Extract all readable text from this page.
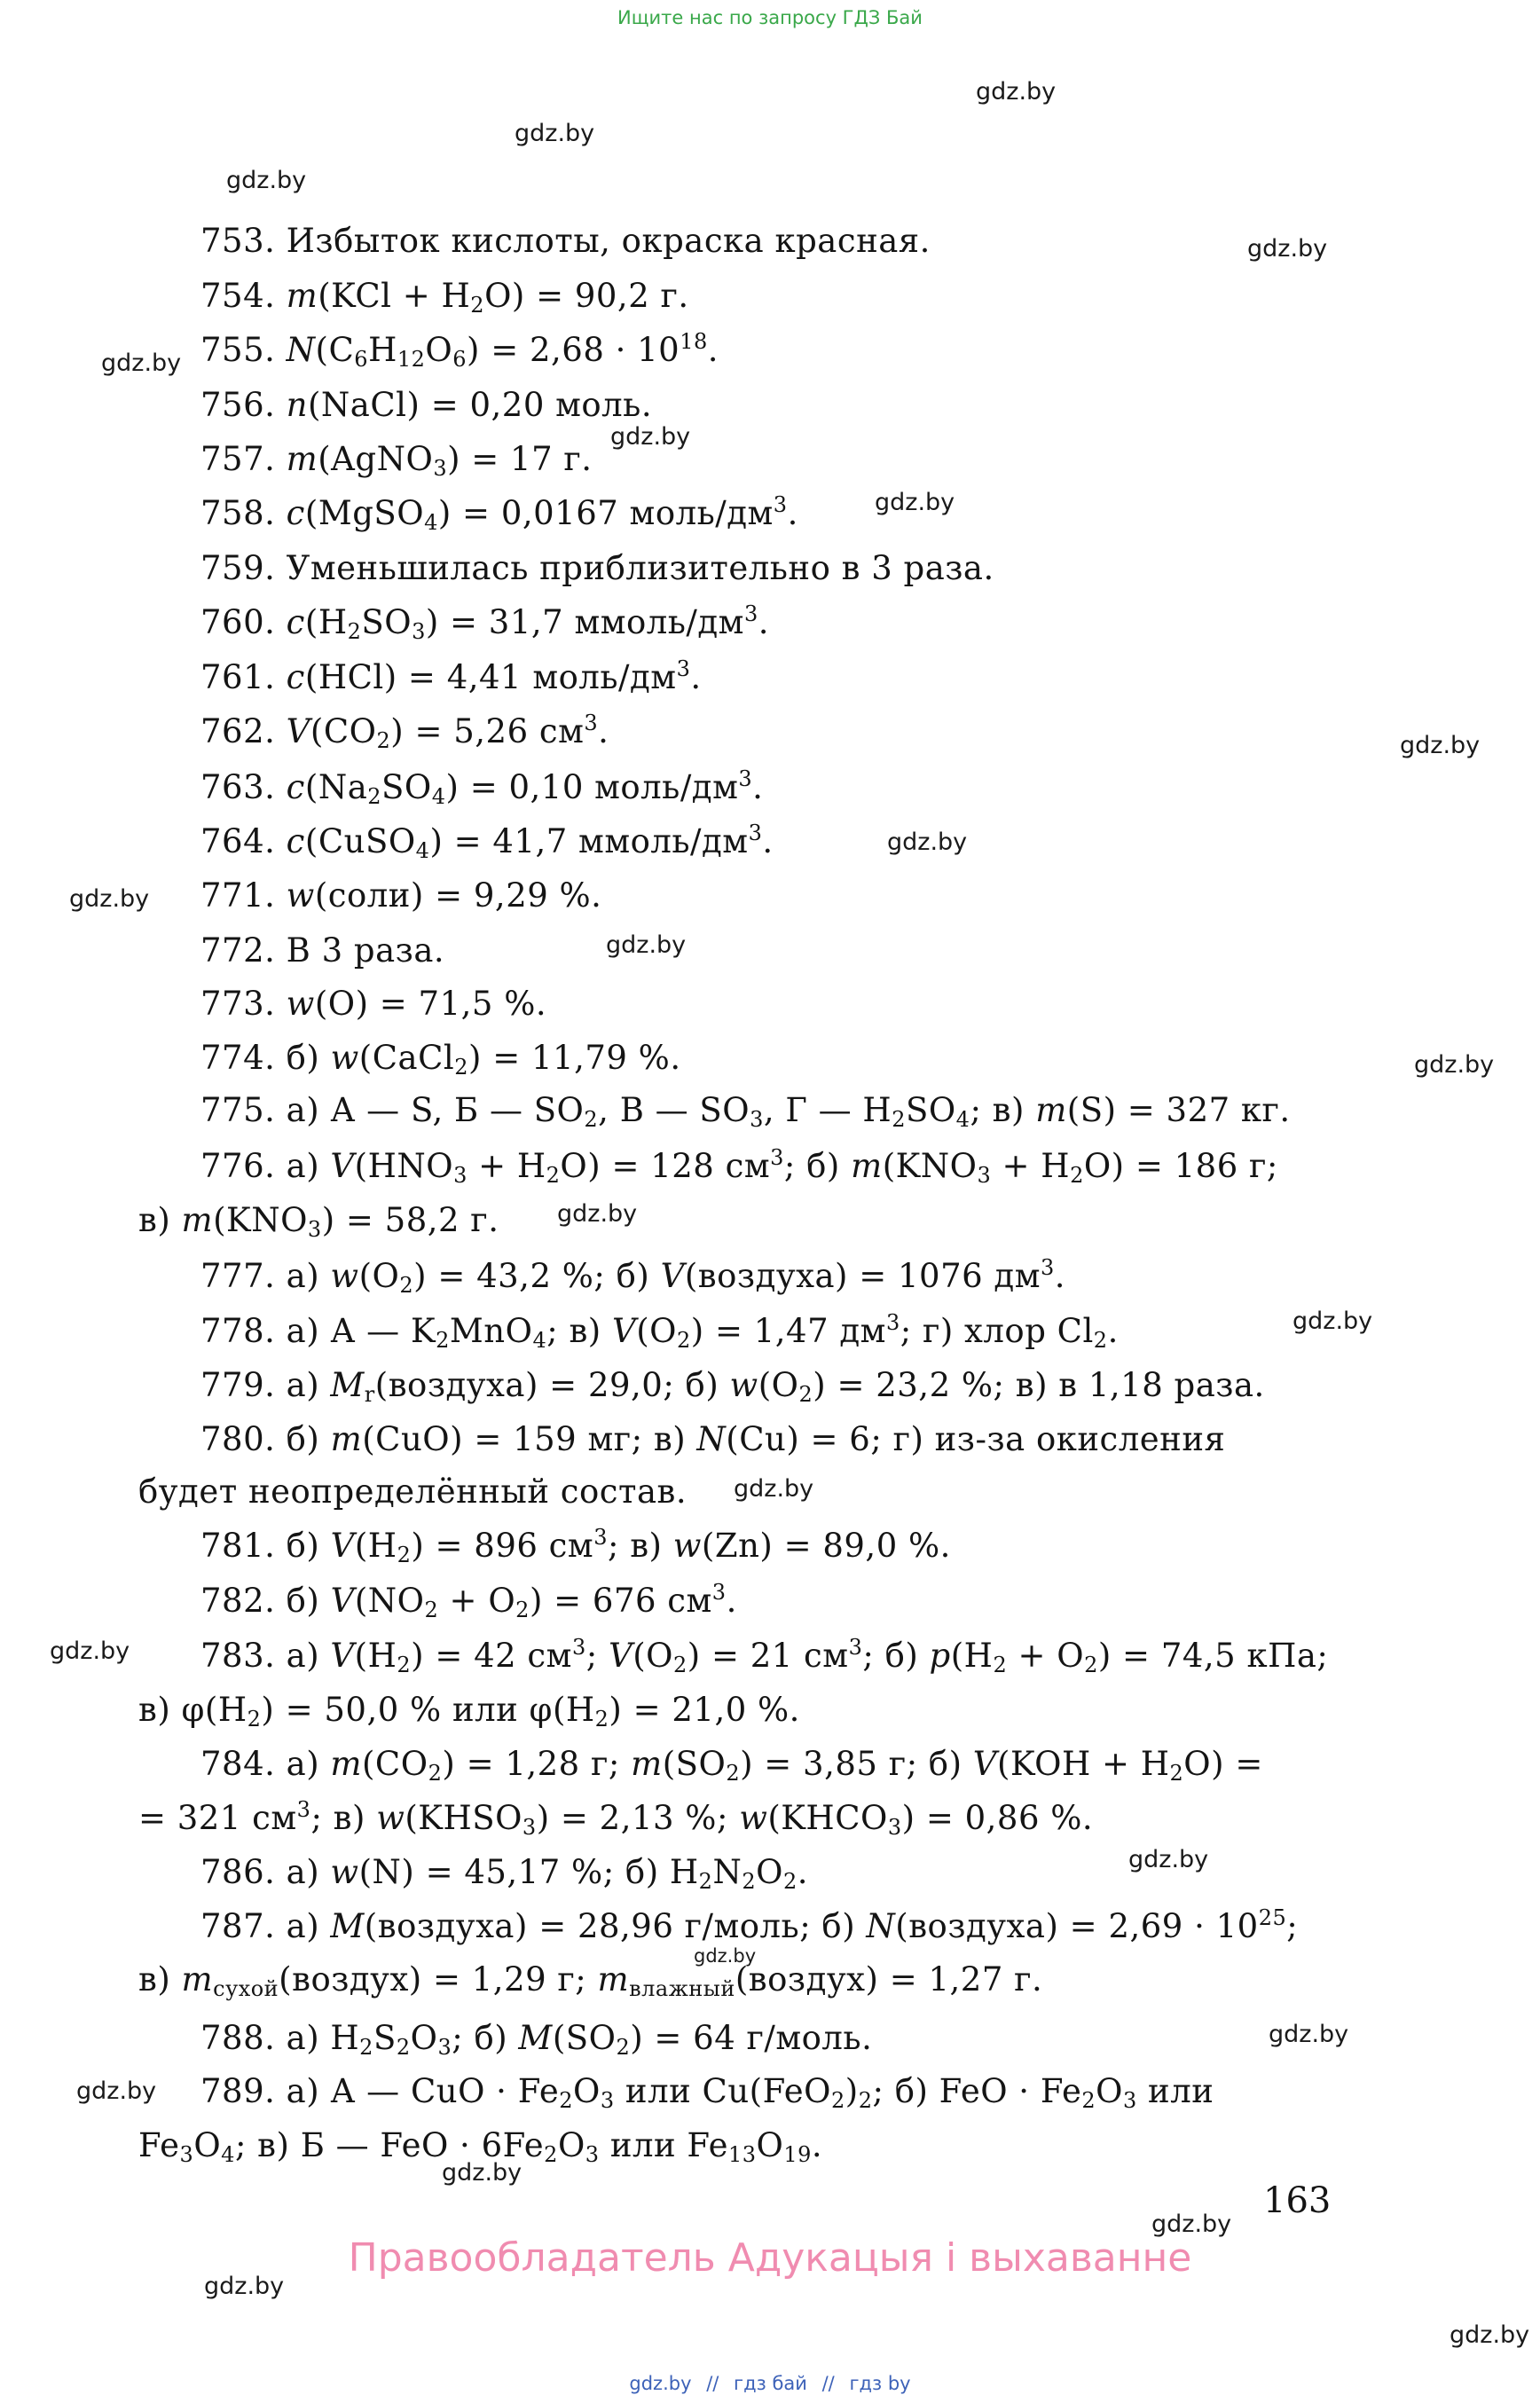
Ищите нас по запросу ГДЗ Бай
gdz.by
gdz.by
gdz.by
gdz.by
gdz.by
gdz.by
gdz.by
gdz.by
gdz.by
gdz.by
gdz.by
gdz.by
gdz.by
gdz.by
gdz.by
gdz.by
gdz.by
gdz.by
gdz.by
gdz.by
gdz.by
gdz.by
gdz.by
gdz.by
753. Избыток кислоты, окраска красная.
754. $m(KCl + H_2O) = 90,2$ г.
755. $N(C_6H_{12}O_6) = 2,68 \cdot 10^{18}$.
756. n(NaCl) = 0,20 моль.
757. m(AgNO$_3$) = 17 г.
758. c(MgSO$_4$) = 0,0167 моль/$дм^3$.
759. Уменьшилась приблизительно в 3 раза.
760. $c(H_2SO_3) = 31,7$ ммоль/$дм^3$.
761. c(HCl) = 4,41 моль/$дм^3$.
762. $V(CO_2) = 5,26$ $см^3$.
763. $c(Na_2SO_4) = 0,10$ моль/$дм^3$.
764. c(CuSO$_4$) = 41,7 ммоль/$дм^3$.
771. w(соли) = 9,29 %.
772. В 3 раза.
773. w(O) = 71,5 %.
774. б) w(CaCl$_2$) = 11,79 %.
775. а) А — S, Б — $SO_2$, В — $SO_3$, Г — $H_2SO_4$; в) m(S) = 327 кг.
776. а) $V(HNO_3 + H_2O) = 128$ $см^3$; б) $m(KNO_3 + H_2O) = 186$ г;
в) $m(KNO_3) = 58,2$ г.
777. а) $w(O_2) = 43,2$ %; б) V(воздуха) = 1076 $дм^3$.
778. а) А — $K_2MnO_4$; в) $V(O_2) = 1,47$ $дм^3$; г) хлор $Cl_2$.
779. а) $M_r(воздуха) = 29,0$; б) $w(O_2) = 23,2$ %; в) в 1,18 раза.
780. б) m(CuO) = 159 мг; в) N(Cu) = 6; г) из-за окисления
будет неопределённый состав.
781. б) $V(H_2) = 896$ $см^3$; в) w(Zn) = 89,0 %.
782. б) $V(NO_2 + O_2) = 676$ $см^3$.
783. а) $V(H_2) = 42$ $см^3$; $V(O_2) = 21$ $см^3$; б) $p(H_2 + O_2) = 74,5$ кПа;
в) $\varphi(H_2) = 50,0$ % или $\varphi(H_2) = 21,0$ %.
784. а) $m(CO_2) = 1,28$ г; $m(SO_2) = 3,85$ г; б) $V(KOH + H_2O)$ =
= 321 $см^3$; в) $w(KHSO_3) = 2,13$ %; $w(KHCO_3) = 0,86$ %.
786. а) w(N) = 45,17 %; б) $H_2N_2O_2$.
787. а) M(воздуха) = 28,96 г/моль; б) N(воздуха) = $2,69 \cdot 10^{25}$;
в) $m_{сухой}(воздух) = 1,29$ г; $m_{влажный}(воздух) = 1,27$ г.
788. а) $H_2S_2O_3$; б) $M(SO_2) = 64$ г/моль.
789. а) А — CuO · $Fe_2O_3$ или $Cu(FeO_2)_2$; б) FeO · $Fe_2O_3$ или
$Fe_3O_4$; в) Б — FeO · $6Fe_2O_3$ или $Fe_{13}O_{19}$.
163
Правообладатель Адукацыя і выхаванне
gdz.by // гдз бай // гдз by
